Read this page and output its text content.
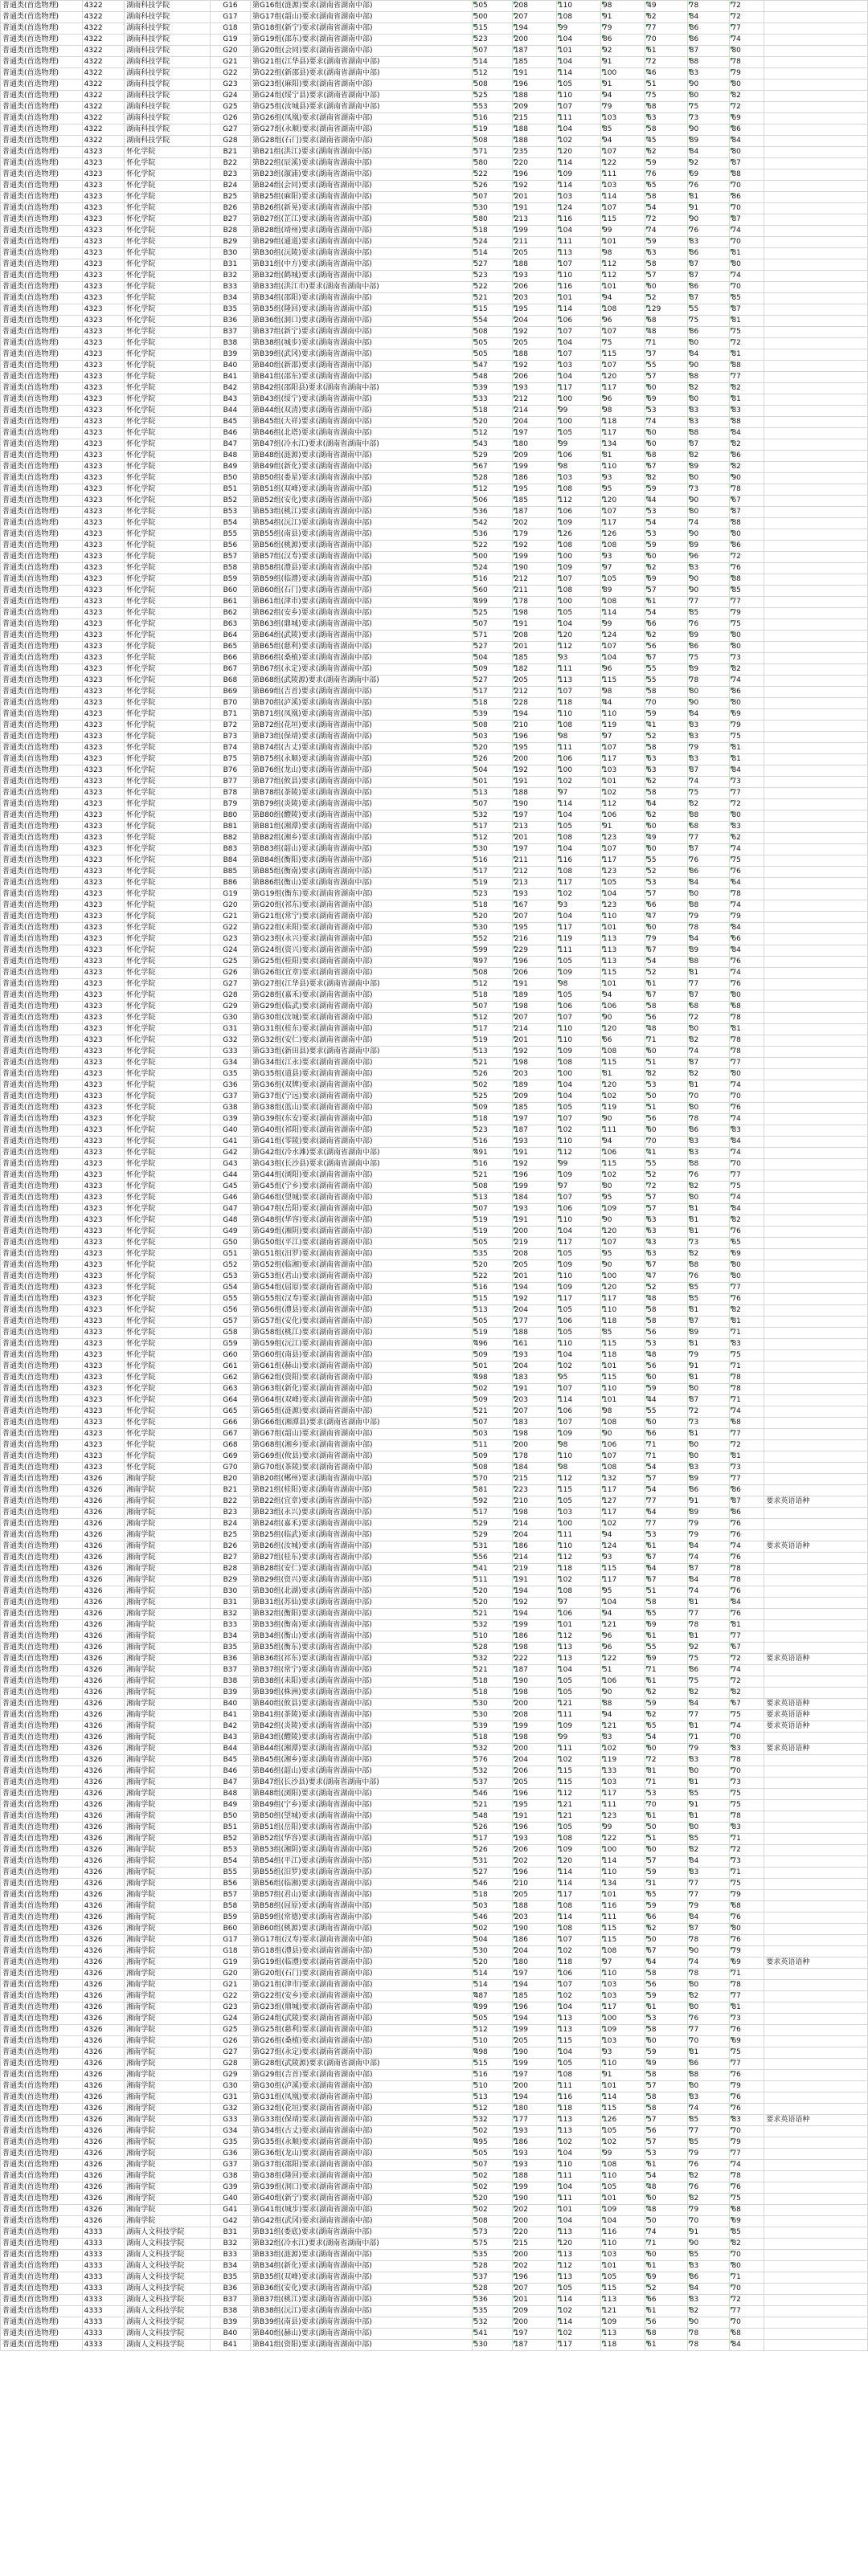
普通类(首选物理)	4322	湖南科技学院	G16	第G16组(涟源)要求(湖南省湖南中部)	505	208	110	98	49	78	72	
普通类(首选物理)	4322	湖南科技学院	G17	第G17组(韶山)要求(湖南省湖南中部)	500	207	108	91	62	84	72	
普通类(首选物理)	4322	湖南科技学院	G18	第G18组(新宁)要求(湖南省湖南中部)	515	194	99	79	77	86	77	
普通类(首选物理)	4322	湖南科技学院	G19	第G19组(邵东)要求(湖南省湖南中部)	523	200	104	86	70	86	74	
普通类(首选物理)	4322	湖南科技学院	G20	第G20组(会同)要求(湖南省湖南中部)	507	187	101	92	61	87	80	
普通类(首选物理)	4322	湖南科技学院	G21	第G21组(江华县)要求(湖南省湖南中部)	514	185	104	91	72	88	78	
普通类(首选物理)	4322	湖南科技学院	G22	第G22组(新邵县)要求(湖南省湖南中部)	512	191	114	100	46	83	79	
普通类(首选物理)	4322	湖南科技学院	G23	第G23组(麻阳)要求(湖南省湖南中部)	508	196	105	91	51	90	80	
普通类(首选物理)	4322	湖南科技学院	G24	第G24组(绥宁县)要求(湖南省湖南中部)	525	188	110	94	75	80	82	
普通类(首选物理)	4322	湖南科技学院	G25	第G25组(汝城县)要求(湖南省湖南中部)	553	209	107	79	68	75	72	
普通类(首选物理)	4322	湖南科技学院	G26	第G26组(凤凰)要求(湖南省湖南中部)	516	215	111	103	63	73	69	
普通类(首选物理)	4322	湖南科技学院	G27	第G27组(永顺)要求(湖南省湖南中部)	519	188	104	85	58	90	86	
普通类(首选物理)	4322	湖南科技学院	G28	第G28组(石门)要求(湖南省湖南中部)	508	188	102	94	45	89	84	
普通类(首选物理)	4323	怀化学院	B21	第B21组(洪江)要求(湖南省湖南中部)	571	235	120	107	62	84	80	
普通类(首选物理)	4323	怀化学院	B22	第B22组(辰溪)要求(湖南省湖南中部)	580	220	114	122	59	92	87	
普通类(首选物理)	4323	怀化学院	B23	第B23组(溆浦)要求(湖南省湖南中部)	522	196	109	111	76	69	88	
普通类(首选物理)	4323	怀化学院	B24	第B24组(会同)要求(湖南省湖南中部)	526	192	114	103	65	76	70	
普通类(首选物理)	4323	怀化学院	B25	第B25组(麻阳)要求(湖南省湖南中部)	507	201	103	114	58	81	86	
普通类(首选物理)	4323	怀化学院	B26	第B26组(新晃)要求(湖南省湖南中部)	530	191	124	107	54	91	70	
普通类(首选物理)	4323	怀化学院	B27	第B27组(芷江)要求(湖南省湖南中部)	580	213	116	115	72	90	87	
普通类(首选物理)	4323	怀化学院	B28	第B28组(靖州)要求(湖南省湖南中部)	518	199	104	99	74	76	74	
普通类(首选物理)	4323	怀化学院	B29	第B29组(通道)要求(湖南省湖南中部)	524	211	111	101	59	83	70	
普通类(首选物理)	4323	怀化学院	B30	第B30组(沅陵)要求(湖南省湖南中部)	514	205	113	98	63	86	81	
普通类(首选物理)	4323	怀化学院	B31	第B31组(中方)要求(湖南省湖南中部)	527	188	107	112	58	87	80	
普通类(首选物理)	4323	怀化学院	B32	第B32组(鹤城)要求(湖南省湖南中部)	523	193	110	112	57	87	74	
普通类(首选物理)	4323	怀化学院	B33	第B33组(洪江市)要求(湖南省湖南中部)	522	206	116	101	60	86	70	
普通类(首选物理)	4323	怀化学院	B34	第B34组(邵阳)要求(湖南省湖南中部)	521	203	101	94	52	87	85	
普通类(首选物理)	4323	怀化学院	B35	第B35组(隆回)要求(湖南省湖南中部)	515	195	114	108	129	55	87	
普通类(首选物理)	4323	怀化学院	B36	第B36组(洞口)要求(湖南省湖南中部)	554	204	106	96	68	75	81	
普通类(首选物理)	4323	怀化学院	B37	第B37组(新宁)要求(湖南省湖南中部)	508	192	107	107	48	86	75	
普通类(首选物理)	4323	怀化学院	B38	第B38组(城步)要求(湖南省湖南中部)	505	205	104	75	71	80	72	
普通类(首选物理)	4323	怀化学院	B39	第B39组(武冈)要求(湖南省湖南中部)	505	188	107	115	37	84	81	
普通类(首选物理)	4323	怀化学院	B40	第B40组(新邵)要求(湖南省湖南中部)	547	192	103	107	55	90	88	
普通类(首选物理)	4323	怀化学院	B41	第B41组(邵东)要求(湖南省湖南中部)	548	206	104	120	57	88	77	
普通类(首选物理)	4323	怀化学院	B42	第B42组(邵阳县)要求(湖南省湖南中部)	539	193	117	117	60	82	82	
普通类(首选物理)	4323	怀化学院	B43	第B43组(绥宁)要求(湖南省湖南中部)	533	212	100	96	69	80	81	
普通类(首选物理)	4323	怀化学院	B44	第B44组(双清)要求(湖南省湖南中部)	518	214	99	98	53	83	83	
普通类(首选物理)	4323	怀化学院	B45	第B45组(大祥)要求(湖南省湖南中部)	520	204	100	118	74	83	88	
普通类(首选物理)	4323	怀化学院	B46	第B46组(北塔)要求(湖南省湖南中部)	512	197	105	117	60	88	84	
普通类(首选物理)	4323	怀化学院	B47	第B47组(冷水江)要求(湖南省湖南中部)	543	180	99	134	60	87	82	
普通类(首选物理)	4323	怀化学院	B48	第B48组(涟源)要求(湖南省湖南中部)	529	209	106	81	68	82	86	
普通类(首选物理)	4323	怀化学院	B49	第B49组(新化)要求(湖南省湖南中部)	567	199	98	110	67	89	82	
普通类(首选物理)	4323	怀化学院	B50	第B50组(娄星)要求(湖南省湖南中部)	528	186	103	93	82	80	90	
普通类(首选物理)	4323	怀化学院	B51	第B51组(双峰)要求(湖南省湖南中部)	512	195	108	95	59	73	78	
普通类(首选物理)	4323	怀化学院	B52	第B52组(安化)要求(湖南省湖南中部)	506	185	112	120	44	90	67	
普通类(首选物理)	4323	怀化学院	B53	第B53组(桃江)要求(湖南省湖南中部)	536	187	106	107	53	80	87	
普通类(首选物理)	4323	怀化学院	B54	第B54组(沅江)要求(湖南省湖南中部)	542	202	109	117	54	74	88	
普通类(首选物理)	4323	怀化学院	B55	第B55组(南县)要求(湖南省湖南中部)	536	179	126	126	53	90	80	
普通类(首选物理)	4323	怀化学院	B56	第B56组(桃源)要求(湖南省湖南中部)	522	192	108	108	59	89	86	
普通类(首选物理)	4323	怀化学院	B57	第B57组(汉寿)要求(湖南省湖南中部)	500	199	100	93	60	96	72	
普通类(首选物理)	4323	怀化学院	B58	第B58组(澧县)要求(湖南省湖南中部)	524	190	109	97	62	83	76	
普通类(首选物理)	4323	怀化学院	B59	第B59组(临澧)要求(湖南省湖南中部)	516	212	107	105	69	90	88	
普通类(首选物理)	4323	怀化学院	B60	第B60组(石门)要求(湖南省湖南中部)	560	211	108	89	57	90	85	
普通类(首选物理)	4323	怀化学院	B61	第B61组(津市)要求(湖南省湖南中部)	499	178	100	108	61	77	77	
普通类(首选物理)	4323	怀化学院	B62	第B62组(安乡)要求(湖南省湖南中部)	525	198	105	114	54	85	79	
普通类(首选物理)	4323	怀化学院	B63	第B63组(鼎城)要求(湖南省湖南中部)	507	191	104	99	66	76	75	
普通类(首选物理)	4323	怀化学院	B64	第B64组(武陵)要求(湖南省湖南中部)	571	208	120	124	62	89	80	
普通类(首选物理)	4323	怀化学院	B65	第B65组(慈利)要求(湖南省湖南中部)	527	201	112	107	56	86	80	
普通类(首选物理)	4323	怀化学院	B66	第B66组(桑植)要求(湖南省湖南中部)	504	185	93	104	67	75	73	
普通类(首选物理)	4323	怀化学院	B67	第B67组(永定)要求(湖南省湖南中部)	509	182	111	96	55	89	82	
普通类(首选物理)	4323	怀化学院	B68	第B68组(武陵源)要求(湖南省湖南中部)	527	205	113	115	55	78	74	
普通类(首选物理)	4323	怀化学院	B69	第B69组(吉首)要求(湖南省湖南中部)	517	212	107	98	58	80	86	
普通类(首选物理)	4323	怀化学院	B70	第B70组(泸溪)要求(湖南省湖南中部)	518	228	118	44	70	90	80	
普通类(首选物理)	4323	怀化学院	B71	第B71组(凤凰)要求(湖南省湖南中部)	539	194	110	110	59	84	69	
普通类(首选物理)	4323	怀化学院	B72	第B72组(花垣)要求(湖南省湖南中部)	508	210	108	119	41	83	79	
普通类(首选物理)	4323	怀化学院	B73	第B73组(保靖)要求(湖南省湖南中部)	503	196	98	97	52	83	75	
普通类(首选物理)	4323	怀化学院	B74	第B74组(古丈)要求(湖南省湖南中部)	520	195	111	107	58	79	81	
普通类(首选物理)	4323	怀化学院	B75	第B75组(永顺)要求(湖南省湖南中部)	526	200	106	117	63	83	81	
普通类(首选物理)	4323	怀化学院	B76	第B76组(龙山)要求(湖南省湖南中部)	504	192	100	103	63	87	84	
普通类(首选物理)	4323	怀化学院	B77	第B77组(攸县)要求(湖南省湖南中部)	501	191	102	101	62	74	73	
普通类(首选物理)	4323	怀化学院	B78	第B78组(茶陵)要求(湖南省湖南中部)	513	188	97	102	58	75	77	
普通类(首选物理)	4323	怀化学院	B79	第B79组(炎陵)要求(湖南省湖南中部)	507	190	114	112	64	82	72	
普通类(首选物理)	4323	怀化学院	B80	第B80组(醴陵)要求(湖南省湖南中部)	532	197	104	106	62	88	80	
普通类(首选物理)	4323	怀化学院	B81	第B81组(湘潭)要求(湖南省湖南中部)	517	213	105	91	60	68	83	
普通类(首选物理)	4323	怀化学院	B82	第B82组(湘乡)要求(湖南省湖南中部)	512	201	108	123	49	77	62	
普通类(首选物理)	4323	怀化学院	B83	第B83组(韶山)要求(湖南省湖南中部)	530	197	104	107	60	87	74	
普通类(首选物理)	4323	怀化学院	B84	第B84组(衡阳)要求(湖南省湖南中部)	516	211	116	117	55	76	75	
普通类(首选物理)	4323	怀化学院	B85	第B85组(衡南)要求(湖南省湖南中部)	517	212	108	123	52	86	76	
普通类(首选物理)	4323	怀化学院	B86	第B86组(衡山)要求(湖南省湖南中部)	519	213	117	105	53	84	64	
普通类(首选物理)	4323	怀化学院	G19	第G19组(衡东)要求(湖南省湖南中部)	523	193	102	104	57	80	78	
普通类(首选物理)	4323	怀化学院	G20	第G20组(祁东)要求(湖南省湖南中部)	518	167	93	123	66	88	74	
普通类(首选物理)	4323	怀化学院	G21	第G21组(常宁)要求(湖南省湖南中部)	520	207	104	110	47	79	79	
普通类(首选物理)	4323	怀化学院	G22	第G22组(耒阳)要求(湖南省湖南中部)	530	195	117	101	60	78	84	
普通类(首选物理)	4323	怀化学院	G23	第G23组(永兴)要求(湖南省湖南中部)	552	216	119	113	79	84	66	
普通类(首选物理)	4323	怀化学院	G24	第G24组(资兴)要求(湖南省湖南中部)	599	229	111	113	67	89	84	
普通类(首选物理)	4323	怀化学院	G25	第G25组(桂阳)要求(湖南省湖南中部)	497	196	105	113	54	88	76	
普通类(首选物理)	4323	怀化学院	G26	第G26组(宜章)要求(湖南省湖南中部)	508	206	109	115	52	81	74	
普通类(首选物理)	4323	怀化学院	G27	第G27组(江华县)要求(湖南省湖南中部)	512	191	98	101	61	77	76	
普通类(首选物理)	4323	怀化学院	G28	第G28组(嘉禾)要求(湖南省湖南中部)	518	189	105	94	67	87	80	
普通类(首选物理)	4323	怀化学院	G29	第G29组(临武)要求(湖南省湖南中部)	507	198	106	106	58	68	68	
普通类(首选物理)	4323	怀化学院	G30	第G30组(汝城)要求(湖南省湖南中部)	512	207	107	90	56	72	78	
普通类(首选物理)	4323	怀化学院	G31	第G31组(桂东)要求(湖南省湖南中部)	517	214	110	120	48	80	81	
普通类(首选物理)	4323	怀化学院	G32	第G32组(安仁)要求(湖南省湖南中部)	519	201	110	66	71	82	78	
普通类(首选物理)	4323	怀化学院	G33	第G33组(新田县)要求(湖南省湖南中部)	513	192	109	108	60	74	78	
普通类(首选物理)	4323	怀化学院	G34	第G34组(江永)要求(湖南省湖南中部)	521	198	108	115	51	87	77	
普通类(首选物理)	4323	怀化学院	G35	第G35组(道县)要求(湖南省湖南中部)	526	203	100	81	82	82	80	
普通类(首选物理)	4323	怀化学院	G36	第G36组(双牌)要求(湖南省湖南中部)	502	189	104	120	53	81	74	
普通类(首选物理)	4323	怀化学院	G37	第G37组(宁远)要求(湖南省湖南中部)	525	209	104	102	50	70	70	
普通类(首选物理)	4323	怀化学院	G38	第G38组(蓝山)要求(湖南省湖南中部)	509	185	105	119	51	80	76	
普通类(首选物理)	4323	怀化学院	G39	第G39组(东安)要求(湖南省湖南中部)	518	197	107	90	56	78	74	
普通类(首选物理)	4323	怀化学院	G40	第G40组(祁阳)要求(湖南省湖南中部)	523	187	102	111	60	86	83	
普通类(首选物理)	4323	怀化学院	G41	第G41组(零陵)要求(湖南省湖南中部)	516	193	110	94	70	83	84	
普通类(首选物理)	4323	怀化学院	G42	第G42组(冷水滩)要求(湖南省湖南中部)	491	191	112	106	41	83	74	
普通类(首选物理)	4323	怀化学院	G43	第G43组(长沙县)要求(湖南省湖南中部)	516	192	99	115	55	88	70	
普通类(首选物理)	4323	怀化学院	G44	第G44组(浏阳)要求(湖南省湖南中部)	521	196	109	102	52	76	77	
普通类(首选物理)	4323	怀化学院	G45	第G45组(宁乡)要求(湖南省湖南中部)	508	199	97	80	72	82	75	
普通类(首选物理)	4323	怀化学院	G46	第G46组(望城)要求(湖南省湖南中部)	513	184	107	95	57	80	74	
普通类(首选物理)	4323	怀化学院	G47	第G47组(岳阳)要求(湖南省湖南中部)	507	193	106	109	57	81	84	
普通类(首选物理)	4323	怀化学院	G48	第G48组(华容)要求(湖南省湖南中部)	519	191	110	90	63	81	82	
普通类(首选物理)	4323	怀化学院	G49	第G49组(湘阴)要求(湖南省湖南中部)	519	200	104	120	63	81	76	
普通类(首选物理)	4323	怀化学院	G50	第G50组(平江)要求(湖南省湖南中部)	505	219	117	107	43	73	65	
普通类(首选物理)	4323	怀化学院	G51	第G51组(汨罗)要求(湖南省湖南中部)	535	208	105	95	63	82	69	
普通类(首选物理)	4323	怀化学院	G52	第G52组(临湘)要求(湖南省湖南中部)	520	205	109	90	67	88	80	
普通类(首选物理)	4323	怀化学院	G53	第G53组(君山)要求(湖南省湖南中部)	522	201	110	100	47	76	80	
普通类(首选物理)	4323	怀化学院	G54	第G54组(屈原)要求(湖南省湖南中部)	516	194	109	120	52	85	77	
普通类(首选物理)	4323	怀化学院	G55	第G55组(汉寿)要求(湖南省湖南中部)	515	192	117	117	48	85	76	
普通类(首选物理)	4323	怀化学院	G56	第G56组(澧县)要求(湖南省湖南中部)	513	204	105	110	58	81	82	
普通类(首选物理)	4323	怀化学院	G57	第G57组(安化)要求(湖南省湖南中部)	505	177	106	118	58	87	81	
普通类(首选物理)	4323	怀化学院	G58	第G58组(桃江)要求(湖南省湖南中部)	519	188	105	85	56	89	71	
普通类(首选物理)	4323	怀化学院	G59	第G59组(沅江)要求(湖南省湖南中部)	496	161	110	115	53	81	83	
普通类(首选物理)	4323	怀化学院	G60	第G60组(南县)要求(湖南省湖南中部)	509	193	104	118	48	79	75	
普通类(首选物理)	4323	怀化学院	G61	第G61组(赫山)要求(湖南省湖南中部)	501	204	102	101	56	91	71	
普通类(首选物理)	4323	怀化学院	G62	第G62组(资阳)要求(湖南省湖南中部)	498	183	95	115	60	81	78	
普通类(首选物理)	4323	怀化学院	G63	第G63组(新化)要求(湖南省湖南中部)	502	191	107	110	59	80	78	
普通类(首选物理)	4323	怀化学院	G64	第G64组(双峰)要求(湖南省湖南中部)	509	203	114	101	44	87	71	
普通类(首选物理)	4323	怀化学院	G65	第G65组(涟源)要求(湖南省湖南中部)	521	207	106	98	55	72	74	
普通类(首选物理)	4323	怀化学院	G66	第G66组(湘潭县)要求(湖南省湖南中部)	507	183	107	108	60	73	68	
普通类(首选物理)	4323	怀化学院	G67	第G67组(韶山)要求(湖南省湖南中部)	503	198	109	90	66	81	77	
普通类(首选物理)	4323	怀化学院	G68	第G68组(湘乡)要求(湖南省湖南中部)	511	200	98	106	71	80	72	
普通类(首选物理)	4323	怀化学院	G69	第G69组(攸县)要求(湖南省湖南中部)	509	178	110	107	71	80	81	
普通类(首选物理)	4323	怀化学院	G70	第G70组(茶陵)要求(湖南省湖南中部)	508	184	98	108	54	83	73	
普通类(首选物理)	4326	湘南学院	B20	第B20组(郴州)要求(湖南省湖南中部)	570	215	112	132	57	89	77	
普通类(首选物理)	4326	湘南学院	B21	第B21组(桂阳)要求(湖南省湖南中部)	581	223	115	117	54	86	86	
普通类(首选物理)	4326	湘南学院	B22	第B22组(宜章)要求(湖南省湖南中部)	592	210	105	127	77	91	87	要求英语语种
普通类(首选物理)	4326	湘南学院	B23	第B23组(永兴)要求(湖南省湖南中部)	517	198	103	117	64	89	86	
普通类(首选物理)	4326	湘南学院	B24	第B24组(嘉禾)要求(湖南省湖南中部)	529	214	100	102	77	79	76	
普通类(首选物理)	4326	湘南学院	B25	第B25组(临武)要求(湖南省湖南中部)	529	204	111	94	53	79	76	
普通类(首选物理)	4326	湘南学院	B26	第B26组(汝城)要求(湖南省湖南中部)	531	186	110	124	61	84	74	要求英语语种
普通类(首选物理)	4326	湘南学院	B27	第B27组(桂东)要求(湖南省湖南中部)	556	214	112	93	67	74	76	
普通类(首选物理)	4326	湘南学院	B28	第B28组(安仁)要求(湖南省湖南中部)	541	219	118	115	64	87	78	
普通类(首选物理)	4326	湘南学院	B29	第B29组(资兴)要求(湖南省湖南中部)	511	191	102	117	67	84	78	
普通类(首选物理)	4326	湘南学院	B30	第B30组(北湖)要求(湖南省湖南中部)	520	194	108	95	51	74	76	
普通类(首选物理)	4326	湘南学院	B31	第B31组(苏仙)要求(湖南省湖南中部)	520	192	97	104	58	81	84	
普通类(首选物理)	4326	湘南学院	B32	第B32组(衡阳)要求(湖南省湖南中部)	521	194	106	94	65	77	76	
普通类(首选物理)	4326	湘南学院	B33	第B33组(衡南)要求(湖南省湖南中部)	532	199	101	121	69	78	81	
普通类(首选物理)	4326	湘南学院	B34	第B34组(衡山)要求(湖南省湖南中部)	510	186	112	96	61	81	77	
普通类(首选物理)	4326	湘南学院	B35	第B35组(衡东)要求(湖南省湖南中部)	528	198	113	96	55	92	67	
普通类(首选物理)	4326	湘南学院	B36	第B36组(祁东)要求(湖南省湖南中部)	532	222	113	122	69	75	72	要求英语语种
普通类(首选物理)	4326	湘南学院	B37	第B37组(常宁)要求(湖南省湖南中部)	521	187	104	51	71	86	74	
普通类(首选物理)	4326	湘南学院	B38	第B38组(耒阳)要求(湖南省湖南中部)	518	190	105	106	61	75	72	
普通类(首选物理)	4326	湘南学院	B39	第B39组(株洲)要求(湖南省湖南中部)	518	198	105	90	62	82	82	
普通类(首选物理)	4326	湘南学院	B40	第B40组(攸县)要求(湖南省湖南中部)	530	200	121	88	59	84	67	要求英语语种
普通类(首选物理)	4326	湘南学院	B41	第B41组(茶陵)要求(湖南省湖南中部)	530	208	111	94	62	77	75	要求英语语种
普通类(首选物理)	4326	湘南学院	B42	第B42组(炎陵)要求(湖南省湖南中部)	539	199	109	121	65	81	74	要求英语语种
普通类(首选物理)	4326	湘南学院	B43	第B43组(醴陵)要求(湖南省湖南中部)	518	198	99	83	54	71	70	
普通类(首选物理)	4326	湘南学院	B44	第B44组(湘潭)要求(湖南省湖南中部)	532	200	111	102	60	79	83	要求英语语种
普通类(首选物理)	4326	湘南学院	B45	第B45组(湘乡)要求(湖南省湖南中部)	576	204	102	119	72	83	78	
普通类(首选物理)	4326	湘南学院	B46	第B46组(韶山)要求(湖南省湖南中部)	532	206	115	133	81	80	70	
普通类(首选物理)	4326	湘南学院	B47	第B47组(长沙县)要求(湖南省湖南中部)	537	205	115	103	71	81	73	
普通类(首选物理)	4326	湘南学院	B48	第B48组(浏阳)要求(湖南省湖南中部)	546	196	112	117	53	85	75	
普通类(首选物理)	4326	湘南学院	B49	第B49组(宁乡)要求(湖南省湖南中部)	521	195	121	111	70	91	75	
普通类(首选物理)	4326	湘南学院	B50	第B50组(望城)要求(湖南省湖南中部)	548	191	121	123	61	81	78	
普通类(首选物理)	4326	湘南学院	B51	第B51组(岳阳)要求(湖南省湖南中部)	526	196	105	99	50	80	83	
普通类(首选物理)	4326	湘南学院	B52	第B52组(华容)要求(湖南省湖南中部)	517	193	108	122	51	85	71	
普通类(首选物理)	4326	湘南学院	B53	第B53组(湘阴)要求(湖南省湖南中部)	526	206	109	100	60	82	72	
普通类(首选物理)	4326	湘南学院	B54	第B54组(平江)要求(湖南省湖南中部)	531	202	120	114	57	84	73	
普通类(首选物理)	4326	湘南学院	B55	第B55组(汨罗)要求(湖南省湖南中部)	527	196	114	110	59	83	71	
普通类(首选物理)	4326	湘南学院	B56	第B56组(临湘)要求(湖南省湖南中部)	546	210	114	134	31	77	75	
普通类(首选物理)	4326	湘南学院	B57	第B57组(君山)要求(湖南省湖南中部)	518	205	117	101	65	77	79	
普通类(首选物理)	4326	湘南学院	B58	第B58组(屈原)要求(湖南省湖南中部)	503	188	108	116	59	79	68	
普通类(首选物理)	4326	湘南学院	B59	第B59组(常德)要求(湖南省湖南中部)	546	203	114	111	66	84	76	
普通类(首选物理)	4326	湘南学院	B60	第B60组(桃源)要求(湖南省湖南中部)	502	190	108	115	62	87	80	
普通类(首选物理)	4326	湘南学院	G17	第G17组(汉寿)要求(湖南省湖南中部)	504	186	107	115	50	78	76	
普通类(首选物理)	4326	湘南学院	G18	第G18组(澧县)要求(湖南省湖南中部)	530	204	102	108	67	90	79	
普通类(首选物理)	4326	湘南学院	G19	第G19组(临澧)要求(湖南省湖南中部)	520	180	118	97	64	74	69	要求英语语种
普通类(首选物理)	4326	湘南学院	G20	第G20组(石门)要求(湖南省湖南中部)	514	197	106	110	58	78	71	
普通类(首选物理)	4326	湘南学院	G21	第G21组(津市)要求(湖南省湖南中部)	514	194	107	103	56	80	78	
普通类(首选物理)	4326	湘南学院	G22	第G22组(安乡)要求(湖南省湖南中部)	487	185	102	103	59	82	77	
普通类(首选物理)	4326	湘南学院	G23	第G23组(鼎城)要求(湖南省湖南中部)	499	196	104	117	61	80	81	
普通类(首选物理)	4326	湘南学院	G24	第G24组(武陵)要求(湖南省湖南中部)	505	194	113	100	53	76	73	
普通类(首选物理)	4326	湘南学院	G25	第G25组(慈利)要求(湖南省湖南中部)	512	199	113	109	58	77	76	
普通类(首选物理)	4326	湘南学院	G26	第G26组(桑植)要求(湖南省湖南中部)	510	205	115	103	60	70	69	
普通类(首选物理)	4326	湘南学院	G27	第G27组(永定)要求(湖南省湖南中部)	498	190	104	93	59	81	75	
普通类(首选物理)	4326	湘南学院	G28	第G28组(武陵源)要求(湖南省湖南中部)	515	199	105	110	49	86	77	
普通类(首选物理)	4326	湘南学院	G29	第G29组(吉首)要求(湖南省湖南中部)	516	197	108	91	58	88	76	
普通类(首选物理)	4326	湘南学院	G30	第G30组(泸溪)要求(湖南省湖南中部)	510	200	111	101	57	80	79	
普通类(首选物理)	4326	湘南学院	G31	第G31组(凤凰)要求(湖南省湖南中部)	513	194	116	114	58	83	76	
普通类(首选物理)	4326	湘南学院	G32	第G32组(花垣)要求(湖南省湖南中部)	512	180	118	115	58	74	76	
普通类(首选物理)	4326	湘南学院	G33	第G33组(保靖)要求(湖南省湖南中部)	532	177	113	126	57	85	83	要求英语语种
普通类(首选物理)	4326	湘南学院	G34	第G34组(古丈)要求(湖南省湖南中部)	502	193	113	105	56	77	70	
普通类(首选物理)	4326	湘南学院	G35	第G35组(永顺)要求(湖南省湖南中部)	495	186	102	102	57	85	79	
普通类(首选物理)	4326	湘南学院	G36	第G36组(龙山)要求(湖南省湖南中部)	505	193	104	99	53	79	77	
普通类(首选物理)	4326	湘南学院	G37	第G37组(邵阳)要求(湖南省湖南中部)	507	193	110	108	61	76	74	
普通类(首选物理)	4326	湘南学院	G38	第G38组(隆回)要求(湖南省湖南中部)	502	188	111	110	54	82	78	
普通类(首选物理)	4326	湘南学院	G39	第G39组(洞口)要求(湖南省湖南中部)	502	199	104	105	48	76	76	
普通类(首选物理)	4326	湘南学院	G40	第G40组(新宁)要求(湖南省湖南中部)	520	190	111	101	60	82	75	
普通类(首选物理)	4326	湘南学院	G41	第G41组(城步)要求(湖南省湖南中部)	502	202	101	109	48	79	68	
普通类(首选物理)	4326	湘南学院	G42	第G42组(武冈)要求(湖南省湖南中部)	508	200	104	104	50	70	69	
普通类(首选物理)	4333	湖南人文科技学院	B31	第B31组(娄底)要求(湖南省湖南中部)	573	220	113	116	74	91	85	
普通类(首选物理)	4333	湖南人文科技学院	B32	第B32组(冷水江)要求(湖南省湖南中部)	575	215	120	110	71	90	82	
普通类(首选物理)	4333	湖南人文科技学院	B33	第B33组(涟源)要求(湖南省湖南中部)	535	200	113	103	60	85	70	
普通类(首选物理)	4333	湖南人文科技学院	B34	第B34组(新化)要求(湖南省湖南中部)	528	202	112	101	61	83	80	
普通类(首选物理)	4333	湖南人文科技学院	B35	第B35组(双峰)要求(湖南省湖南中部)	537	196	113	105	69	86	71	
普通类(首选物理)	4333	湖南人文科技学院	B36	第B36组(安化)要求(湖南省湖南中部)	528	207	105	115	52	84	70	
普通类(首选物理)	4333	湖南人文科技学院	B37	第B37组(桃江)要求(湖南省湖南中部)	536	201	114	113	66	83	72	
普通类(首选物理)	4333	湖南人文科技学院	B38	第B38组(沅江)要求(湖南省湖南中部)	535	209	102	121	61	82	77	
普通类(首选物理)	4333	湖南人文科技学院	B39	第B39组(南县)要求(湖南省湖南中部)	532	200	114	109	56	90	70	
普通类(首选物理)	4333	湖南人文科技学院	B40	第B40组(赫山)要求(湖南省湖南中部)	541	197	102	113	68	78	68	
普通类(首选物理)	4333	湖南人文科技学院	B41	第B41组(资阳)要求(湖南省湖南中部)	530	187	117	118	61	78	84	
